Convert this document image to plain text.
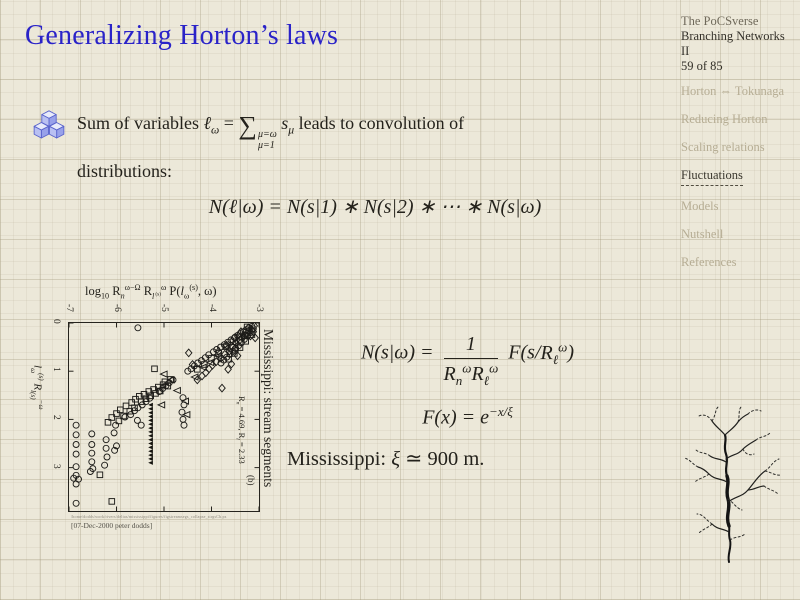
Generalizing Horton’s laws	The PoCSverse
Branching Networks II
59 of 85
Horton ⇔ Tokunaga
Reducing Horton
Scaling relations
Fluctuations
Models
Nutshell
References
Sum of variables ℓ$_\omega$ = ∑ μ=ω
μ=1
$s_\mu$ leads to convolution of
distributions:
N(ℓ|ω) = N(s|1) ∗ N(s|2) ∗ ⋯ ∗ N(s|ω)
$\log_{10} R_n^{\omega-\Omega}$ $R_{l ^{(s)}}^\omega$ $P(l_\omega^{(s)}$, ω)
$l_\omega^{(s)}$ $R_{l(s)}^{-\omega}$	Mississippi: stream segments
$R_n = 4.69$, $R_l = 2.33$
(b)
/home/dodds/work/rivers/deltas/mississippi/figures/figstreamsegs_collapse_strgsCb.ps
[07-Dec-2000 peter dodds]
-7	-6	-5	-4	-3
0
1
2
3
$N(s|\omega) = \frac{1}{R_n^\omega R_\ell^\omega} F(s/R_\ell^\omega)$
$F(x) = e^{-x/\xi}$
Mississippi: ξ ≃ 900 m.
